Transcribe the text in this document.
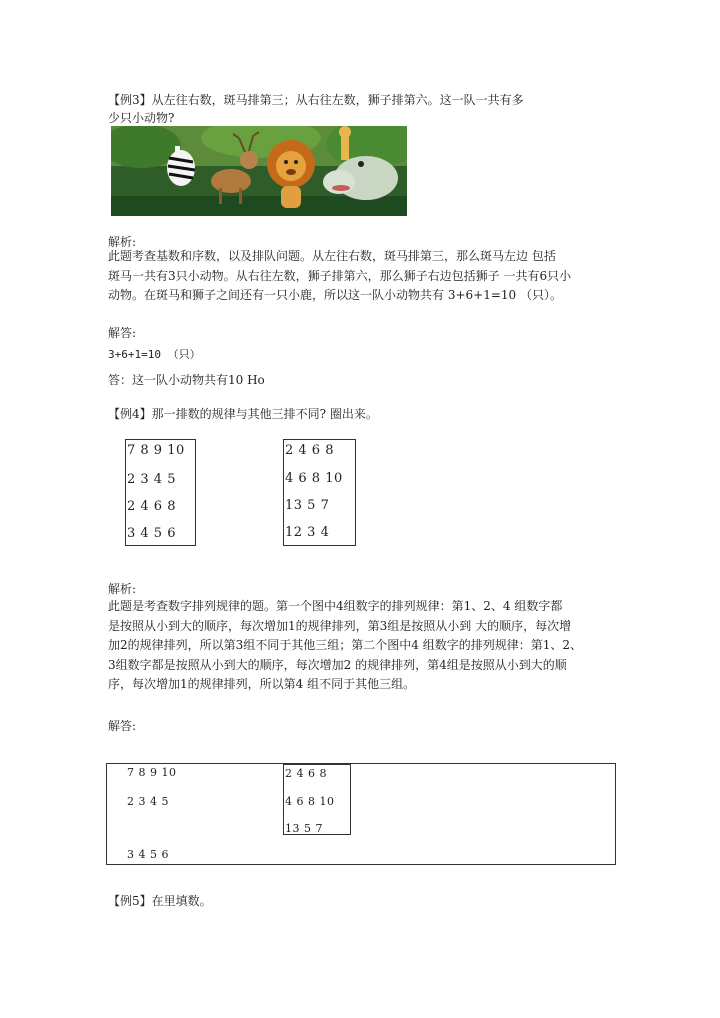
【例3】从左往右数，斑马排第三；从右往左数，狮子排第六。这一队一共有多
少只小动物?
解析:
此题考查基数和序数，以及排队问题。从左往右数，斑马排第三，那么斑马左边 包括
斑马一共有3只小动物。从右往左数，狮子排第六，那么狮子右边包括狮子 一共有6只小
动物。在斑马和狮子之间还有一只小鹿，所以这一队小动物共有 3+6+1=10 （只）。
解答:
3+6+1=10 （只）
答：这一队小动物共有10 Ho
【例4】那一排数的规律与其他三排不同? 圈出来。
7 8 9 10
2 3 4 5
2 4 6 8
3 4 5 6
2 4 6 8
4 6 8 10
13 5 7
12 3 4
解析:
此题是考查数字排列规律的题。第一个图中4组数字的排列规律：第1、2、4 组数字都
是按照从小到大的顺序，每次增加1的规律排列，第3组是按照从小到 大的顺序，每次增
加2的规律排列，所以第3组不同于其他三组；第二个图中4 组数字的排列规律：第1、2、
3组数字都是按照从小到大的顺序，每次增加2 的规律排列，第4组是按照从小到大的顺
序，每次增加1的规律排列，所以第4 组不同于其他三组。
解答:
7 8 9 10
2 3 4 5
3 4 5 6
2 4 6 8
4 6 8 10
13 5 7
【例5】在里填数。
